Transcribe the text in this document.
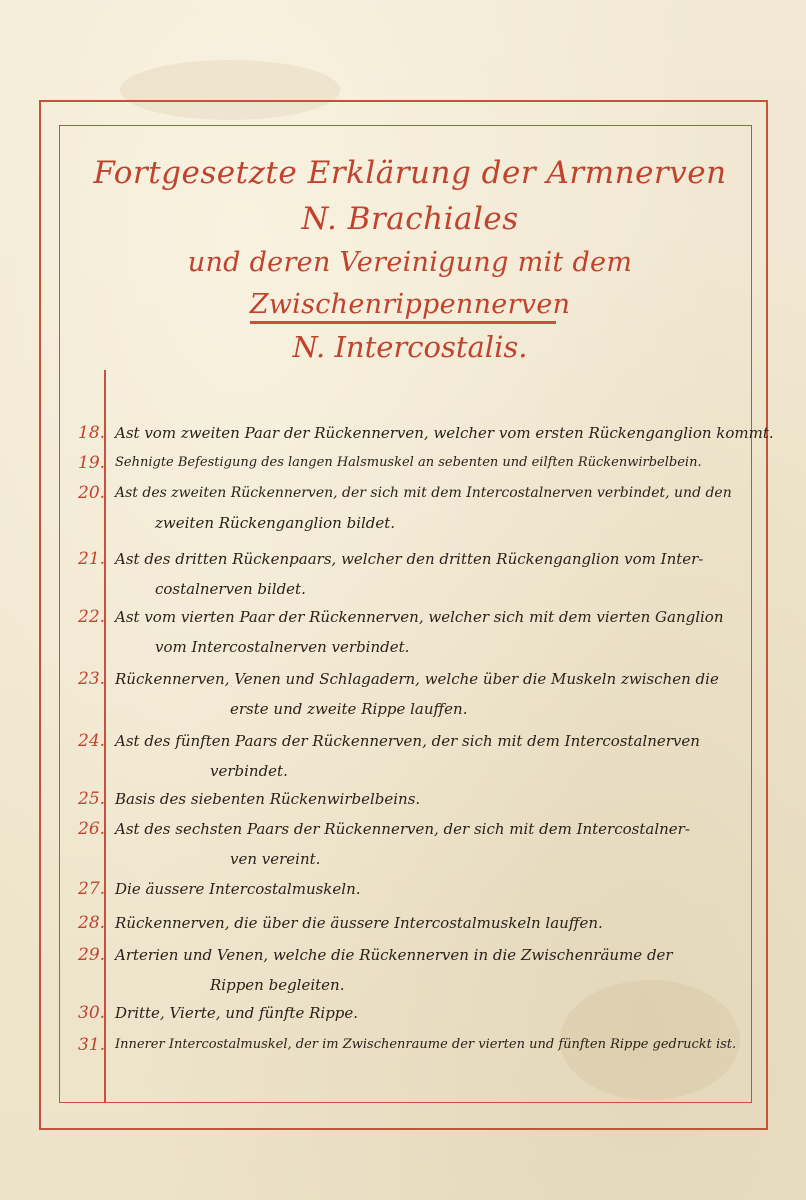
Fortgesetzte Erklärung der Armnerven N. Brachiales
und deren Vereinigung mit dem Zwischenrippennerven
N. Intercostalis.
18. Ast vom zweiten Paar der Rückennerven, welcher vom ersten Rückenganglion kommt.
19. Sehnigte Befestigung des langen Halsmuskel an sebenten und eilften Rückenwirbelbein.
20. Ast des zweiten Rückennerven, der sich mit dem Intercostalnerven verbindet, und den
zweiten Rückenganglion bildet.
21. Ast des dritten Rückenpaars, welcher den dritten Rückenganglion vom Inter-
costalnerven bildet.
22. Ast vom vierten Paar der Rückennerven, welcher sich mit dem vierten Ganglion
vom Intercostalnerven verbindet.
23. Rückennerven, Venen und Schlagadern, welche über die Muskeln zwischen die
erste und zweite Rippe lauffen.
24. Ast des fünften Paars der Rückennerven, der sich mit dem Intercostalnerven
verbindet.
25. Basis des siebenten Rückenwirbelbeins.
26. Ast des sechsten Paars der Rückennerven, der sich mit dem Intercostalner-
ven vereint.
27. Die äussere Intercostalmuskeln.
28. Rückennerven, die über die äussere Intercostalmuskeln lauffen.
29. Arterien und Venen, welche die Rückennerven in die Zwischenräume der
Rippen begleiten.
30. Dritte, Vierte, und fünfte Rippe.
31. Innerer Intercostalmuskel, der im Zwischenraume der vierten und fünften Rippe gedruckt ist.
